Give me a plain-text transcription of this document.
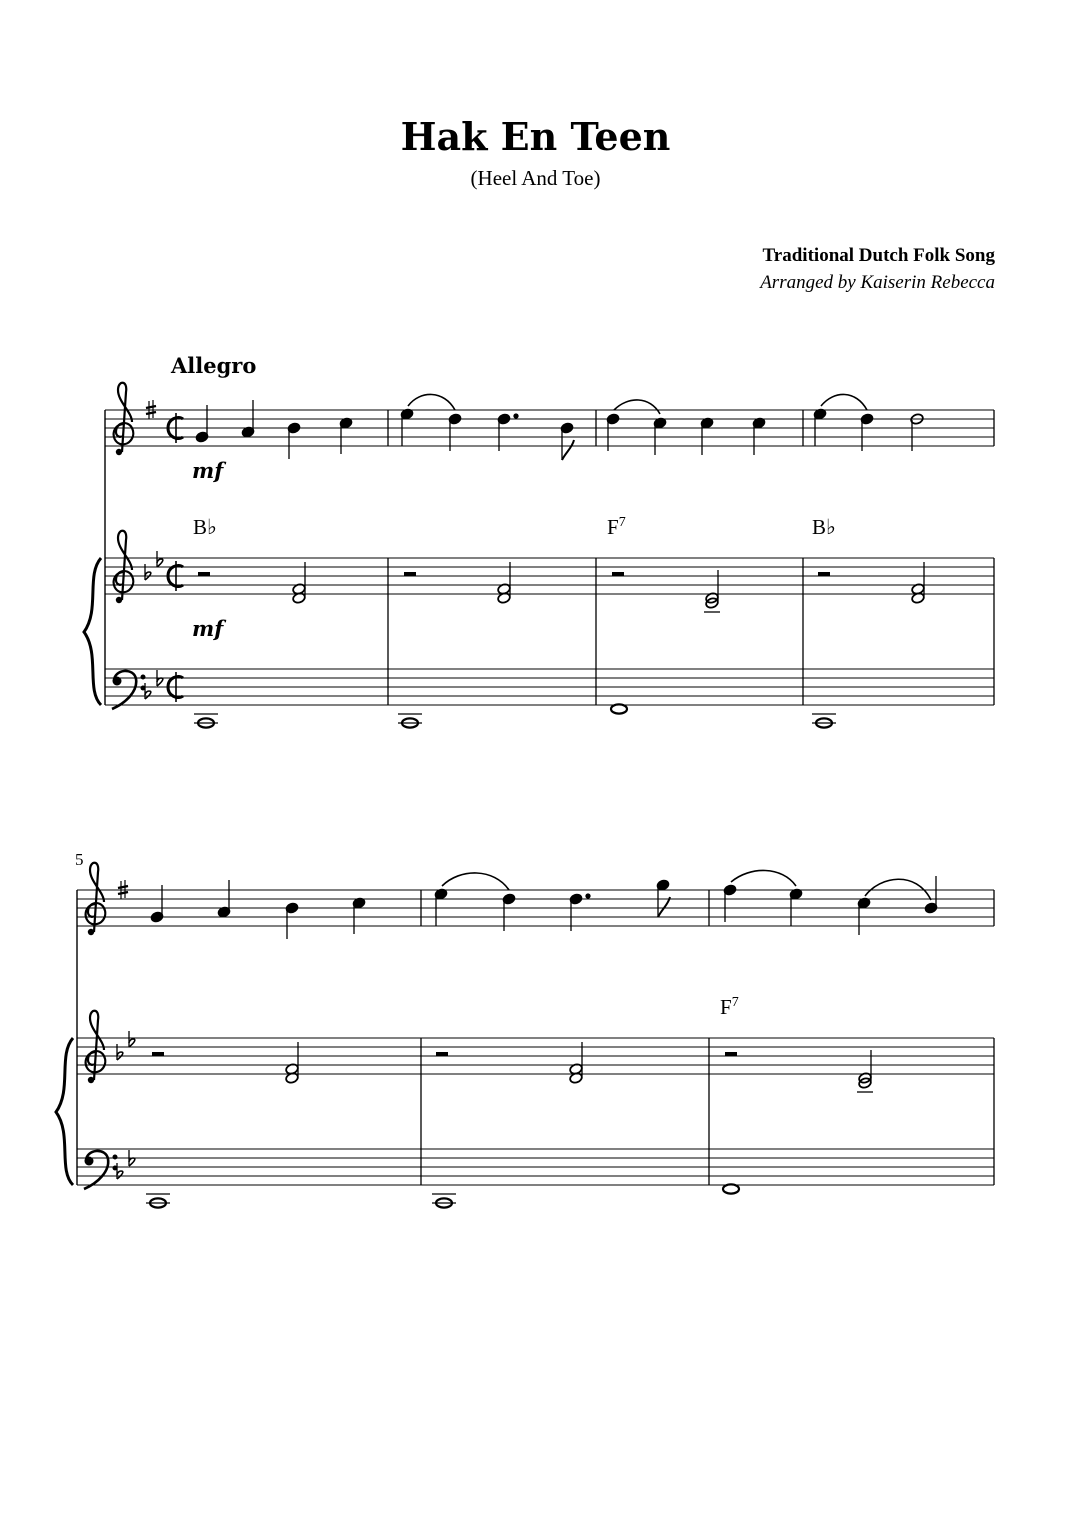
Hak En Teen
(Heel And Toe)
Traditional Dutch Folk Song
Arranged by Kaiserin Rebecca
Allegro
5
mf
mf
B♭	$F^7$	B♭
$F^7$
